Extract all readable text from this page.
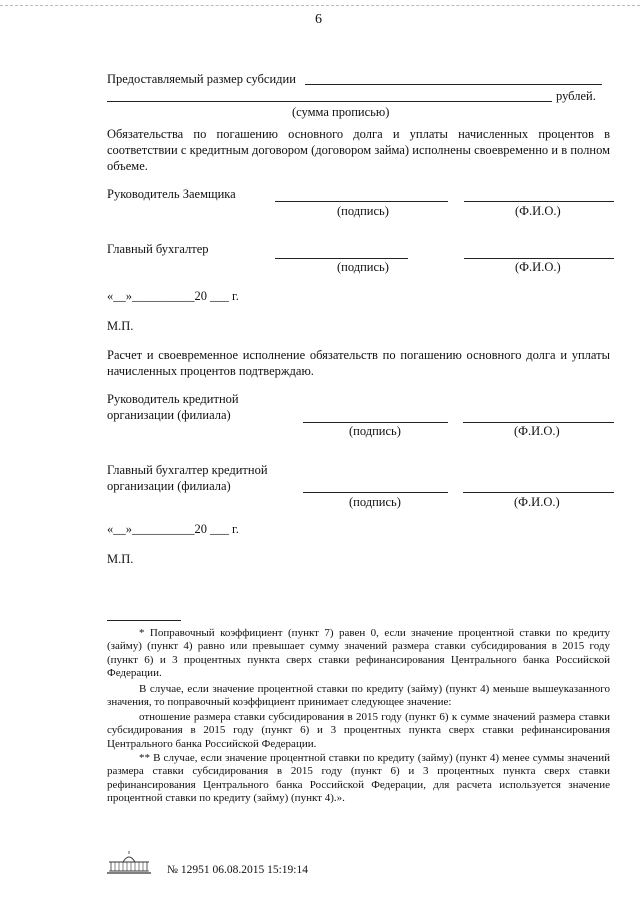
6
Предоставляемый размер субсидии
рублей.
(сумма прописью)
Обязательства по погашению основного долга и уплаты начисленных процентов в соответствии с кредитным договором (договором займа) исполнены своевременно и в полном объеме.
Руководитель Заемщика
(подпись)	(Ф.И.О.)
Главный бухгалтер
(подпись)	(Ф.И.О.)
«__»__________20 ___ г.
М.П.
Расчет и своевременное исполнение обязательств по погашению основного долга и уплаты начисленных процентов подтверждаю.
Руководитель кредитной организации (филиала)
(подпись)	(Ф.И.О.)
Главный бухгалтер кредитной организации (филиала)
(подпись)	(Ф.И.О.)
«__»__________20 ___ г.
М.П.
* Поправочный коэффициент (пункт 7) равен 0, если значение процентной ставки по кредиту (займу) (пункт 4) равно или превышает сумму значений размера ставки субсидирования в 2015 году (пункт 6) и 3 процентных пункта сверх ставки рефинансирования Центрального банка Российской Федерации.
В случае, если значение процентной ставки по кредиту (займу) (пункт 4) меньше вышеуказанного значения, то поправочный коэффициент принимает следующее значение:
отношение размера ставки субсидирования в 2015 году (пункт 6) к сумме значений размера ставки субсидирования в 2015 году (пункт 6) и 3 процентных пункта сверх ставки рефинансирования Центрального банка Российской Федерации.
** В случае, если значение процентной ставки по кредиту (займу) (пункт 4) менее суммы значений размера ставки субсидирования в 2015 году (пункт 6) и 3 процентных пункта сверх ставки рефинансирования Центрального банка Российской Федерации, для расчета используется значение процентной ставки по кредиту (займу) (пункт 4).».
№ 12951 06.08.2015 15:19:14
